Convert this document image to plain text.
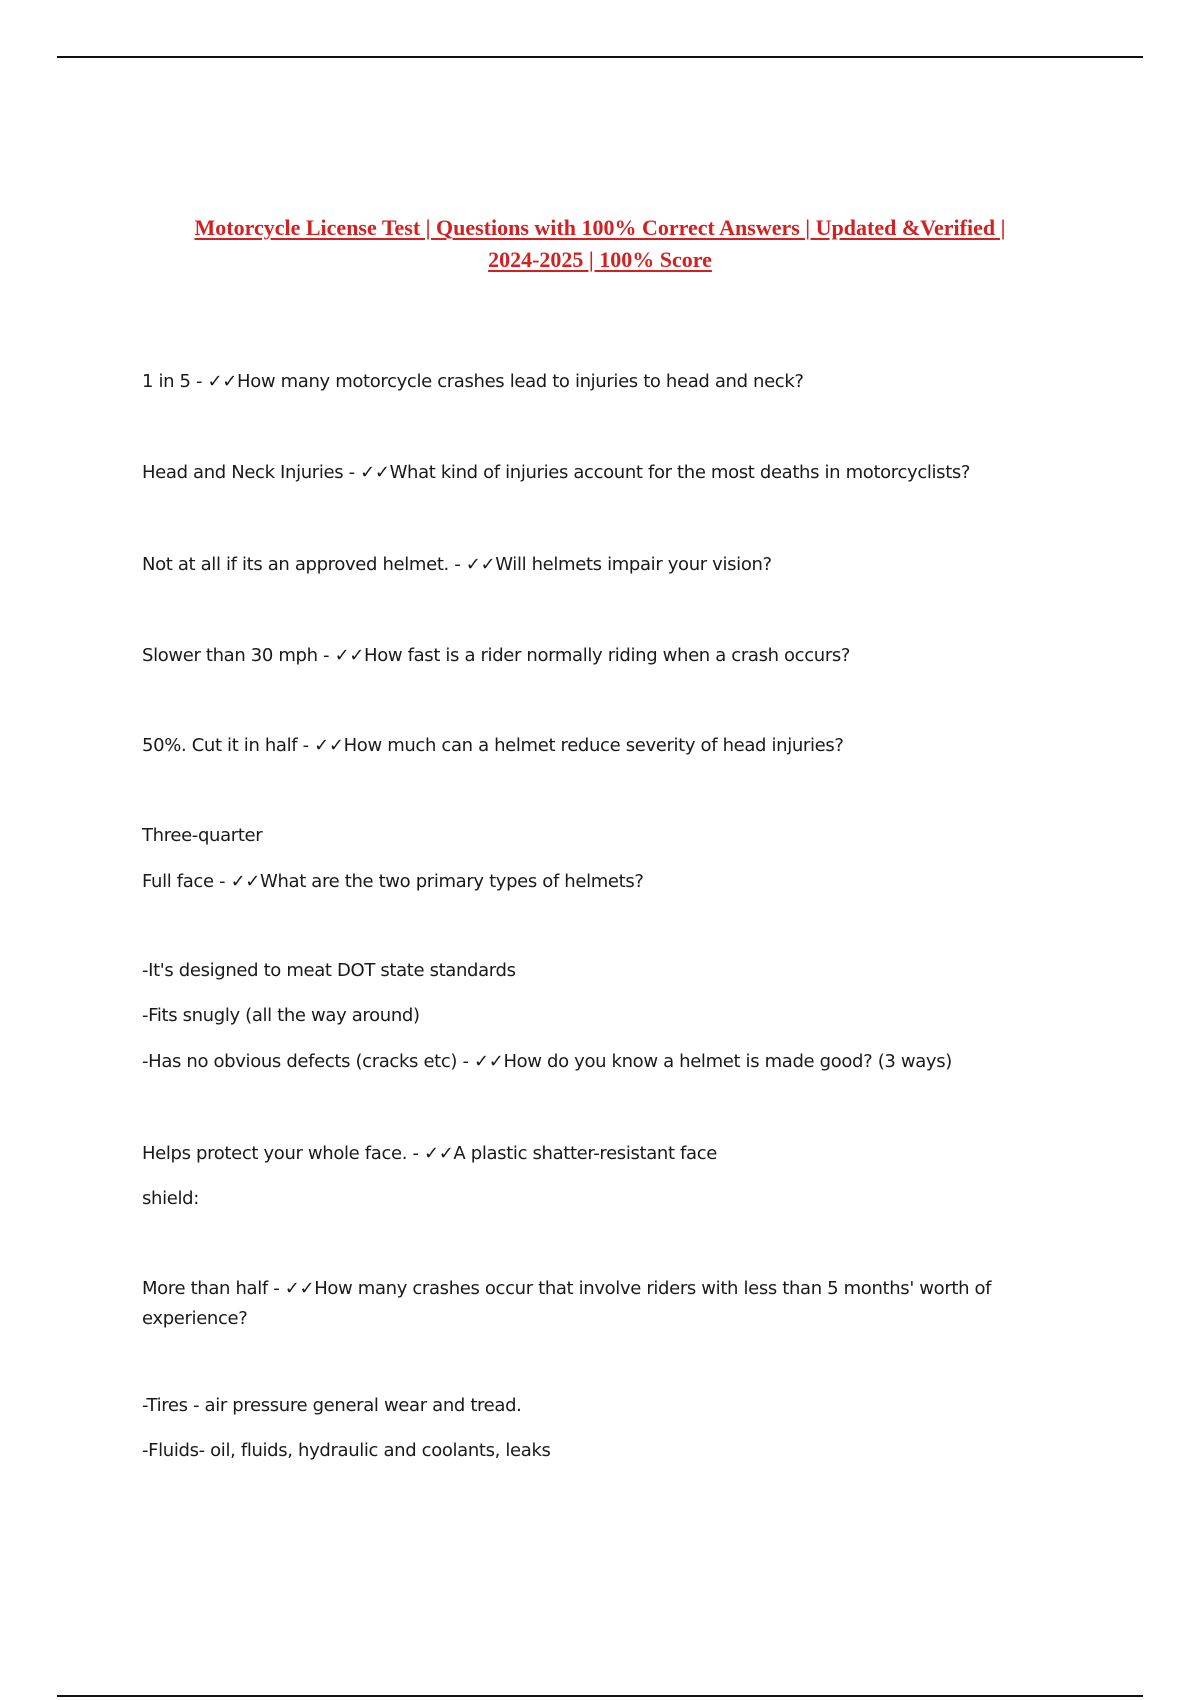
Motorcycle License Test | Questions with 100% Correct Answers | Updated &Verified |
2024-2025 | 100% Score
1 in 5 - ✓✓How many motorcycle crashes lead to injuries to head and neck?
Head and Neck Injuries - ✓✓What kind of injuries account for the most deaths in motorcyclists?
Not at all if its an approved helmet. - ✓✓Will helmets impair your vision?
Slower than 30 mph - ✓✓How fast is a rider normally riding when a crash occurs?
50%. Cut it in half - ✓✓How much can a helmet reduce severity of head injuries?
Three-quarter
Full face - ✓✓What are the two primary types of helmets?
-It's designed to meat DOT state standards
-Fits snugly (all the way around)
-Has no obvious defects (cracks etc) - ✓✓How do you know a helmet is made good? (3 ways)
Helps protect your whole face. - ✓✓A plastic shatter-resistant face
shield:
More than half - ✓✓How many crashes occur that involve riders with less than 5 months' worth of experience?
-Tires - air pressure general wear and tread.
-Fluids- oil, fluids, hydraulic and coolants, leaks
